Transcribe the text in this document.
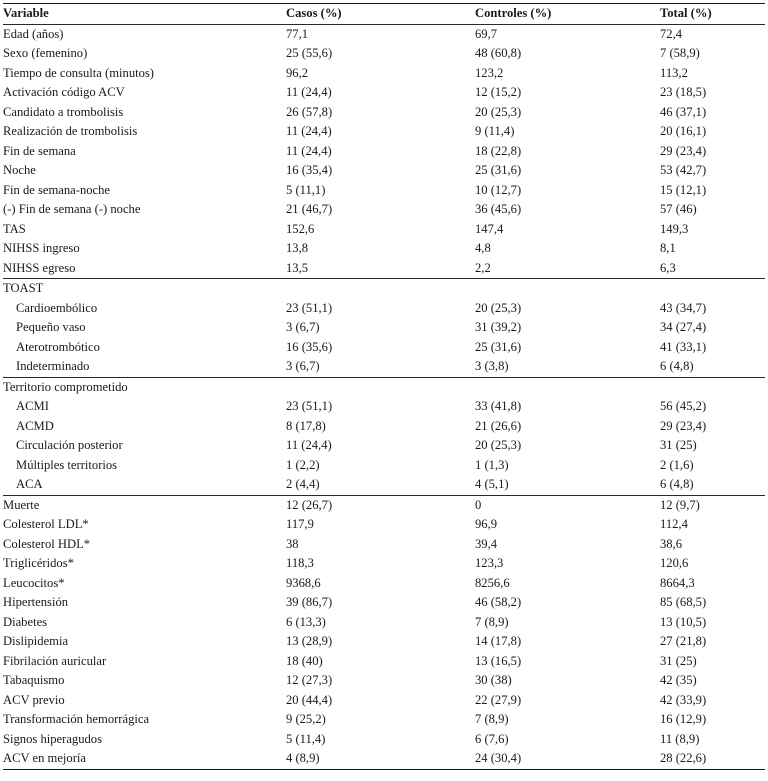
Variable	Casos (%)	Controles (%)	Total (%)
Edad (años)	77,1	69,7	72,4
Sexo (femenino)	25 (55,6)	48 (60,8)	7 (58,9)
Tiempo de consulta (minutos)	96,2	123,2	113,2
Activación código ACV	11 (24,4)	12 (15,2)	23 (18,5)
Candidato a trombolisis	26 (57,8)	20 (25,3)	46 (37,1)
Realización de trombolisis	11 (24,4)	9 (11,4)	20 (16,1)
Fin de semana	11 (24,4)	18 (22,8)	29 (23,4)
Noche	16 (35,4)	25 (31,6)	53 (42,7)
Fin de semana-noche	5 (11,1)	10 (12,7)	15 (12,1)
(-) Fin de semana (-) noche	21 (46,7)	36 (45,6)	57 (46)
TAS	152,6	147,4	149,3
NIHSS ingreso	13,8	4,8	8,1
NIHSS egreso	13,5	2,2	6,3
TOAST
Cardioembólico	23 (51,1)	20 (25,3)	43 (34,7)
Pequeño vaso	3 (6,7)	31 (39,2)	34 (27,4)
Aterotrombótico	16 (35,6)	25 (31,6)	41 (33,1)
Indeterminado	3 (6,7)	3 (3,8)	6 (4,8)
Territorio comprometido
ACMI	23 (51,1)	33 (41,8)	56 (45,2)
ACMD	8 (17,8)	21 (26,6)	29 (23,4)
Circulación posterior	11 (24,4)	20 (25,3)	31 (25)
Múltiples territorios	1 (2,2)	1 (1,3)	2 (1,6)
ACA	2 (4,4)	4 (5,1)	6 (4,8)
Muerte	12 (26,7)	0	12 (9,7)
Colesterol LDL*	117,9	96,9	112,4
Colesterol HDL*	38	39,4	38,6
Triglicéridos*	118,3	123,3	120,6
Leucocitos*	9368,6	8256,6	8664,3
Hipertensión	39 (86,7)	46 (58,2)	85 (68,5)
Diabetes	6 (13,3)	7 (8,9)	13 (10,5)
Dislipidemia	13 (28,9)	14 (17,8)	27 (21,8)
Fibrilación auricular	18 (40)	13 (16,5)	31 (25)
Tabaquismo	12 (27,3)	30 (38)	42 (35)
ACV previo	20 (44,4)	22 (27,9)	42 (33,9)
Transformación hemorrágica	9 (25,2)	7 (8,9)	16 (12,9)
Signos hiperagudos	5 (11,4)	6 (7,6)	11 (8,9)
ACV en mejoría	4 (8,9)	24 (30,4)	28 (22,6)
